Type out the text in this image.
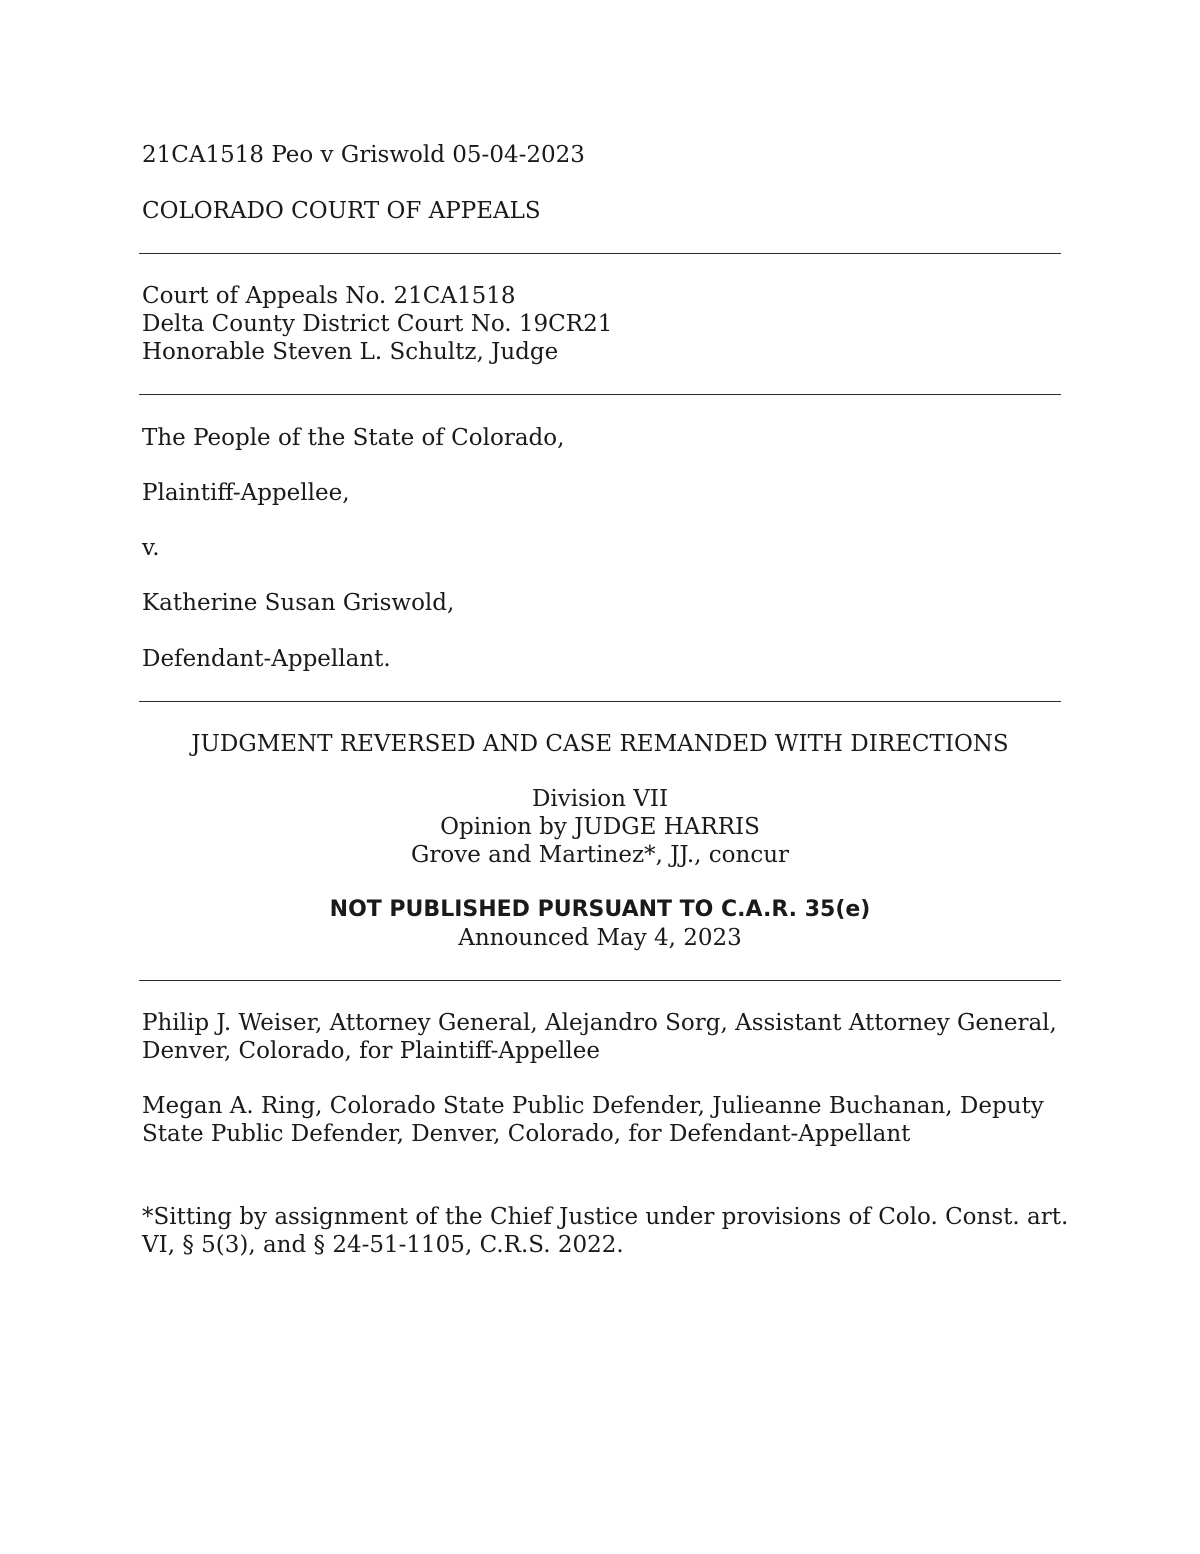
21CA1518 Peo v Griswold 05-04-2023

COLORADO COURT OF APPEALS

Court of Appeals No. 21CA1518
Delta County District Court No. 19CR21
Honorable Steven L. Schultz, Judge

The People of the State of Colorado,

Plaintiff-Appellee,

v.

Katherine Susan Griswold,

Defendant-Appellant.

JUDGMENT REVERSED AND CASE REMANDED WITH DIRECTIONS

Division VII
Opinion by JUDGE HARRIS
Grove and Martinez*, JJ., concur
NOT PUBLISHED PURSUANT TO C.A.R. 35(e)
Announced May 4, 2023
Philip J. Weiser, Attorney General, Alejandro Sorg, Assistant Attorney General,
Denver, Colorado, for Plaintiff-Appellee
Megan A. Ring, Colorado State Public Defender, Julieanne Buchanan, Deputy
State Public Defender, Denver, Colorado, for Defendant-Appellant
*Sitting by assignment of the Chief Justice under provisions of Colo. Const. art.
VI, § 5(3), and § 24-51-1105, C.R.S. 2022.
